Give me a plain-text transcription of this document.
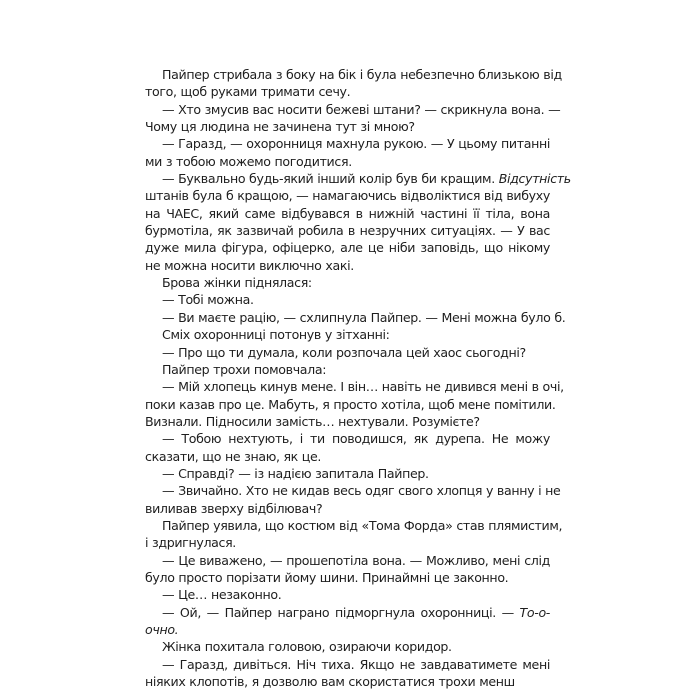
Пайпер стрибала з боку на бік і була небезпечно близькою від
того, щоб руками тримати сечу.
— Хто змусив вас носити бежеві штани? — скрикнула вона. —
Чому ця людина не зачинена тут зі мною?
— Гаразд, — охоронниця махнула рукою. — У цьому питанні
ми з тобою можемо погодитися.
— Буквально будь-який інший колір був би кращим. Відсутність
штанів була б кращою, — намагаючись відволіктися від вибуху
на ЧАЕС, який саме відбувався в нижній частині її тіла, вона
бурмотіла, як зазвичай робила в незручних ситуаціях. — У вас
дуже мила фігура, офіцерко, але це ніби заповідь, що нікому
не можна носити виключно хакі.
Брова жінки піднялася:
— Тобі можна.
— Ви маєте рацію, — схлипнула Пайпер. — Мені можна було б.
Сміх охоронниці потонув у зітханні:
— Про що ти думала, коли розпочала цей хаос сьогодні?
Пайпер трохи помовчала:
— Мій хлопець кинув мене. І він… навіть не дивився мені в очі,
поки казав про це. Мабуть, я просто хотіла, щоб мене помітили.
Визнали. Підносили замість… нехтували. Розумієте?
— Тобою нехтують, і ти поводишся, як дурепа. Не можу
сказати, що не знаю, як це.
— Справді? — із надією запитала Пайпер.
— Звичайно. Хто не кидав весь одяг свого хлопця у ванну і не
виливав зверху відбілювач?
Пайпер уявила, що костюм від «Тома Форда» став плямистим,
і здригнулася.
— Це виважено, — прошепотіла вона. — Можливо, мені слід
було просто порізати йому шини. Принаймні це законно.
— Це… незаконно.
— Ой, — Пайпер награно підморгнула охоронниці. — То-о-
очно.
Жінка похитала головою, озираючи коридор.
— Гаразд, дивіться. Ніч тиха. Якщо не завдаватимете мені
ніяких клопотів, я дозволю вам скористатися трохи менш
